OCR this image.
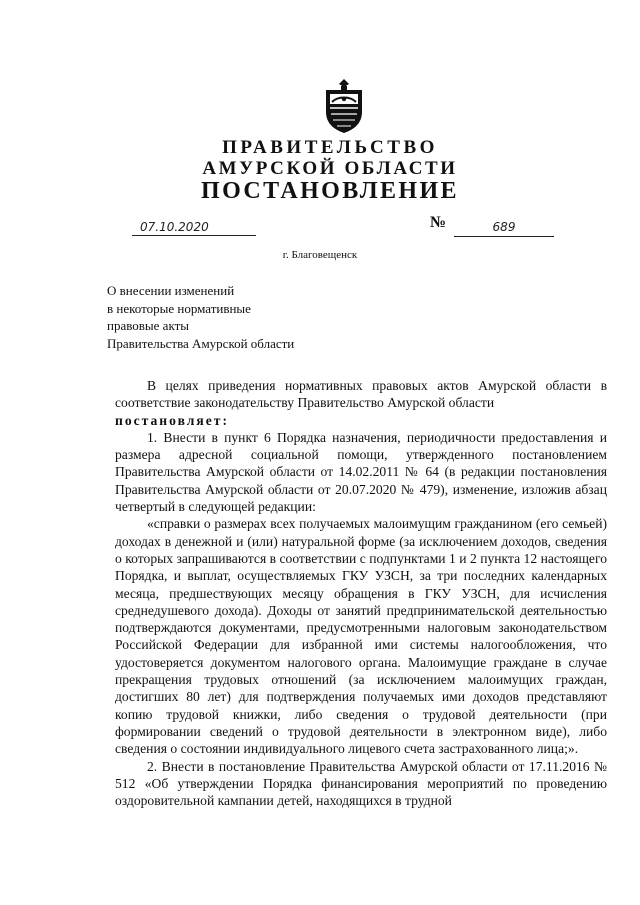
ПРАВИТЕЛЬСТВО
АМУРСКОЙ ОБЛАСТИ
ПОСТАНОВЛЕНИЕ
07.10.2020	№	689
г. Благовещенск
О внесении изменений
в некоторые нормативные
правовые акты
Правительства Амурской области

В целях приведения нормативных правовых актов Амурской области в соответствие законодательству Правительство Амурской области

постановляет:

1. Внести в пункт 6 Порядка назначения, периодичности предоставления и размера адресной социальной помощи, утвержденного постановлением Правительства Амурской области от 14.02.2011 № 64 (в редакции постановления Правительства Амурской области от 20.07.2020 № 479), изменение, изложив абзац четвертый в следующей редакции:

«справки о размерах всех получаемых малоимущим гражданином (его семьей) доходах в денежной и (или) натуральной форме (за исключением доходов, сведения о которых запрашиваются в соответствии с подпунктами 1 и 2 пункта 12 настоящего Порядка, и выплат, осуществляемых ГКУ УЗСН, за три последних календарных месяца, предшествующих месяцу обращения в ГКУ УЗСН, для исчисления среднедушевого дохода). Доходы от занятий предпринимательской деятельностью подтверждаются документами, предусмотренными налоговым законодательством Российской Федерации для избранной ими системы налогообложения, что удостоверяется документом налогового органа. Малоимущие граждане в случае прекращения трудовых отношений (за исключением малоимущих граждан, достигших 80 лет) для подтверждения получаемых ими доходов представляют копию трудовой книжки, либо сведения о трудовой деятельности (при формировании сведений о трудовой деятельности в электронном виде), либо сведения о состоянии индивидуального лицевого счета застрахованного лица;».

2. Внести в постановление Правительства Амурской области от 17.11.2016 № 512 «Об утверждении Порядка финансирования мероприятий по проведению оздоровительной кампании детей, находящихся в трудной
